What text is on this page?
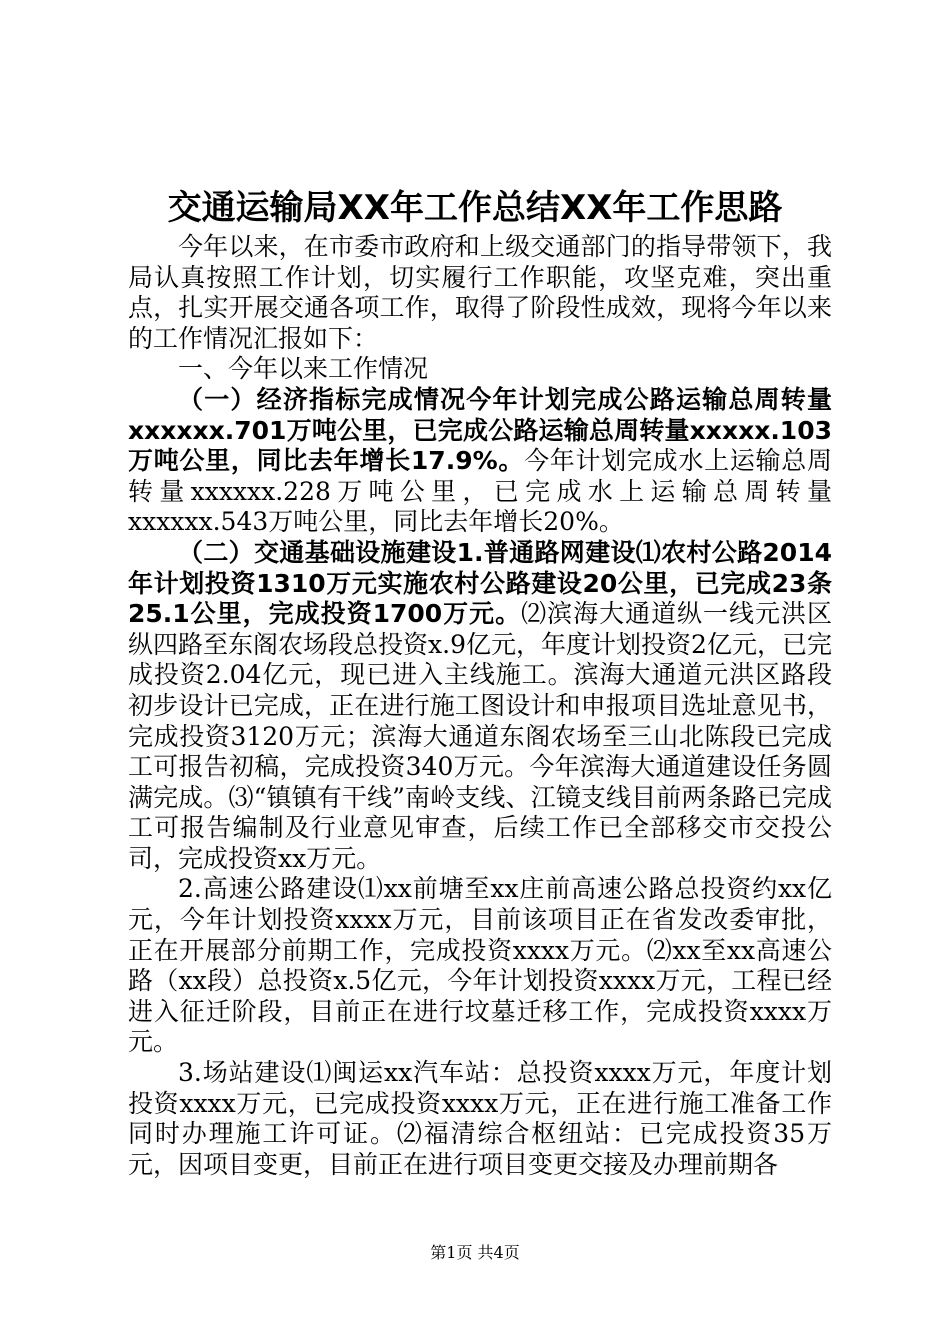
交通运输局XX年工作总结XX年工作思路

今年以来，在市委市政府和上级交通部门的指导带领下，我局认真按照工作计划，切实履行工作职能，攻坚克难，突出重点，扎实开展交通各项工作，取得了阶段性成效，现将今年以来的工作情况汇报如下：

一、今年以来工作情况

（一）经济指标完成情况今年计划完成公路运输总周转量xxxxxx.701万吨公里，已完成公路运输总周转量xxxxx.103万吨公里，同比去年增长17.9%。今年计划完成水上运输总周转量xxxxxx.228万吨公里，已完成水上运输总周转量xxxxxx.543万吨公里，同比去年增长20%。

（二）交通基础设施建设1.普通路网建设⑴农村公路2014年计划投资1310万元实施农村公路建设20公里，已完成23条25.1公里，完成投资1700万元。⑵滨海大通道纵一线元洪区纵四路至东阁农场段总投资x.9亿元，年度计划投资2亿元，已完成投资2.04亿元，现已进入主线施工。滨海大通道元洪区路段初步设计已完成，正在进行施工图设计和申报项目选址意见书，完成投资3120万元；滨海大通道东阁农场至三山北陈段已完成工可报告初稿，完成投资340万元。今年滨海大通道建设任务圆满完成。⑶“镇镇有干线”南岭支线、江镜支线目前两条路已完成工可报告编制及行业意见审查，后续工作已全部移交市交投公司，完成投资xx万元。

2.高速公路建设⑴xx前塘至xx庄前高速公路总投资约xx亿元，今年计划投资xxxx万元，目前该项目正在省发改委审批，正在开展部分前期工作，完成投资xxxx万元。⑵xx至xx高速公路（xx段）总投资x.5亿元，今年计划投资xxxx万元，工程已经进入征迁阶段，目前正在进行坟墓迁移工作，完成投资xxxx万元。

3.场站建设⑴闽运xx汽车站：总投资xxxx万元，年度计划投资xxxx万元，已完成投资xxxx万元，正在进行施工准备工作同时办理施工许可证。⑵福清综合枢纽站：已完成投资35万元，因项目变更，目前正在进行项目变更交接及办理前期各

第1页 共4页
